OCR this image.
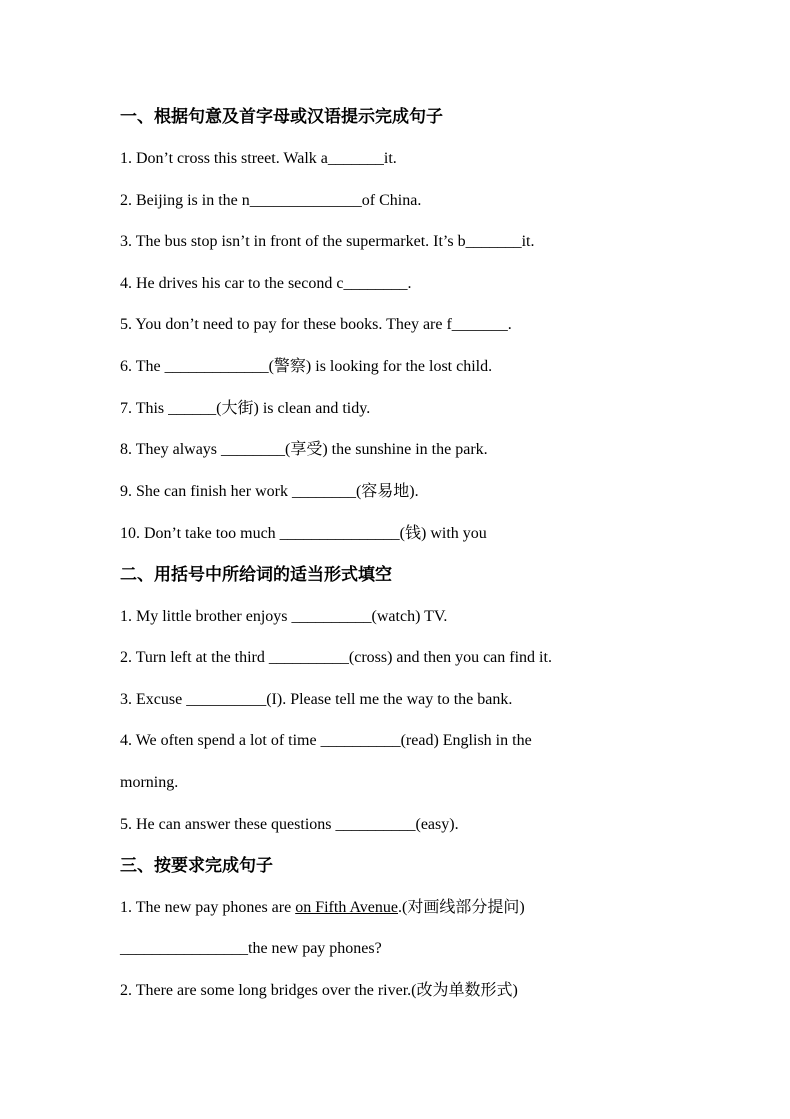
一、根据句意及首字母或汉语提示完成句子

1. Don’t cross this street. Walk a_______it.

2. Beijing is in the n______________of China.

3. The bus stop isn’t in front of the supermarket. It’s b_______it.

4. He drives his car to the second c________.

5. You don’t need to pay for these books. They are f_______.

6. The _____________(警察) is looking for the lost child.

7. This ______(大街) is clean and tidy.

8. They always ________(享受) the sunshine in the park.

9. She can finish her work ________(容易地).

10. Don’t take too much _______________(钱) with you

二、用括号中所给词的适当形式填空

1. My little brother enjoys __________(watch) TV.

2. Turn left at the third __________(cross) and then you can find it.

3. Excuse __________(I). Please tell me the way to the bank.

4. We often spend a lot of time __________(read) English in the

morning.

5. He can answer these questions __________(easy).

三、按要求完成句子

1. The new pay phones are on Fifth Avenue.(对画线部分提问)

________________the new pay phones?

2. There are some long bridges over the river.(改为单数形式)
